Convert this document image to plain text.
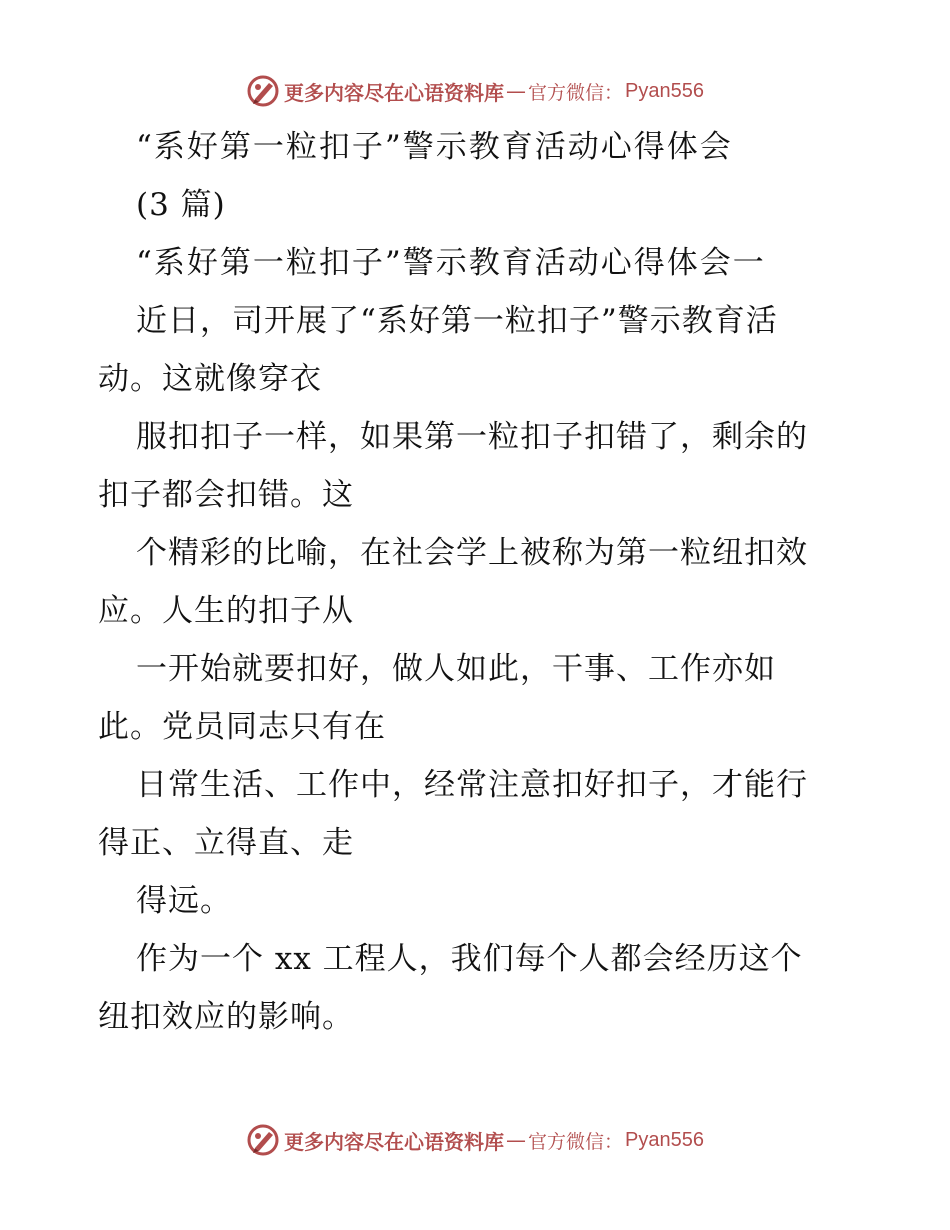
更多内容尽在心语资料库 — 官方微信： Pyan556
“系好第一粒扣子”警示教育活动心得体会
(3 篇)
“系好第一粒扣子”警示教育活动心得体会一
近日，司开展了“系好第一粒扣子”警示教育活
动。这就像穿衣
服扣扣子一样，如果第一粒扣子扣错了，剩余的
扣子都会扣错。这
个精彩的比喻，在社会学上被称为第一粒纽扣效
应。人生的扣子从
一开始就要扣好，做人如此，干事、工作亦如
此。党员同志只有在
日常生活、工作中，经常注意扣好扣子，才能行
得正、立得直、走
得远。
作为一个 xx 工程人，我们每个人都会经历这个
纽扣效应的影响。
更多内容尽在心语资料库 — 官方微信： Pyan556
